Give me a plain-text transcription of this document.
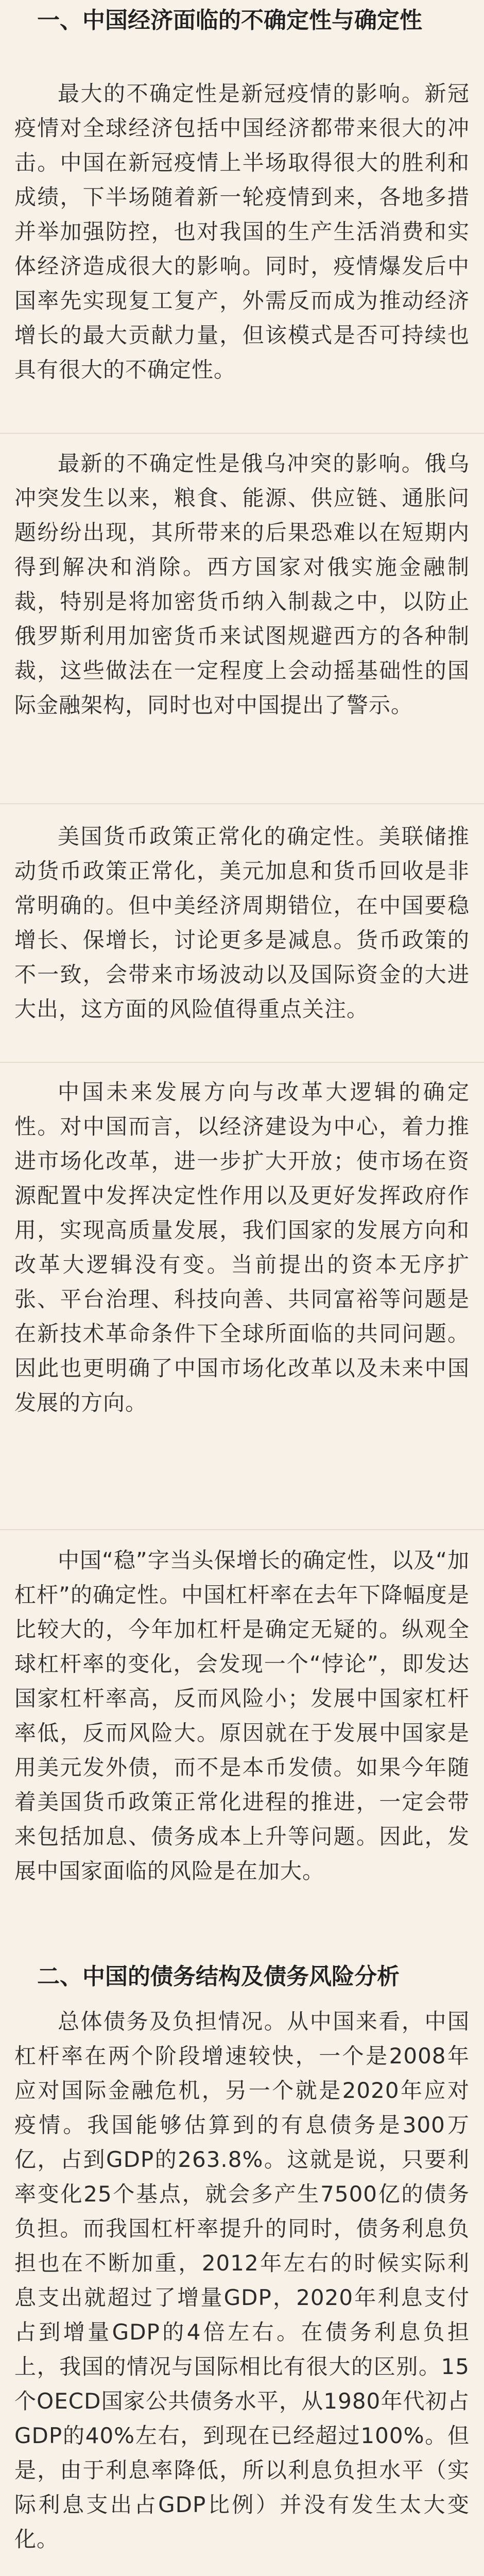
一、中国经济面临的不确定性与确定性

最大的不确定性是新冠疫情的影响。新冠疫情对全球经济包括中国经济都带来很大的冲击。中国在新冠疫情上半场取得很大的胜利和成绩，下半场随着新一轮疫情到来，各地多措并举加强防控，也对我国的生产生活消费和实体经济造成很大的影响。同时，疫情爆发后中国率先实现复工复产，外需反而成为推动经济增长的最大贡献力量，但该模式是否可持续也具有很大的不确定性。

最新的不确定性是俄乌冲突的影响。俄乌冲突发生以来，粮食、能源、供应链、通胀问题纷纷出现，其所带来的后果恐难以在短期内得到解决和消除。西方国家对俄实施金融制裁，特别是将加密货币纳入制裁之中，以防止俄罗斯利用加密货币来试图规避西方的各种制裁，这些做法在一定程度上会动摇基础性的国际金融架构，同时也对中国提出了警示。

美国货币政策正常化的确定性。美联储推动货币政策正常化，美元加息和货币回收是非常明确的。但中美经济周期错位，在中国要稳增长、保增长，讨论更多是减息。货币政策的不一致，会带来市场波动以及国际资金的大进大出，这方面的风险值得重点关注。

中国未来发展方向与改革大逻辑的确定性。对中国而言，以经济建设为中心，着力推进市场化改革，进一步扩大开放；使市场在资源配置中发挥决定性作用以及更好发挥政府作用，实现高质量发展，我们国家的发展方向和改革大逻辑没有变。当前提出的资本无序扩张、平台治理、科技向善、共同富裕等问题是在新技术革命条件下全球所面临的共同问题。因此也更明确了中国市场化改革以及未来中国发展的方向。

中国“稳”字当头保增长的确定性，以及“加杠杆”的确定性。中国杠杆率在去年下降幅度是比较大的，今年加杠杆是确定无疑的。纵观全球杠杆率的变化，会发现一个“悖论”，即发达国家杠杆率高，反而风险小；发展中国家杠杆率低，反而风险大。原因就在于发展中国家是用美元发外债，而不是本币发债。如果今年随着美国货币政策正常化进程的推进，一定会带来包括加息、债务成本上升等问题。因此，发展中国家面临的风险是在加大。

二、中国的债务结构及债务风险分析

总体债务及负担情况。从中国来看，中国杠杆率在两个阶段增速较快，一个是2008年应对国际金融危机，另一个就是2020年应对疫情。我国能够估算到的有息债务是300万亿，占到GDP的263.8%。这就是说，只要利率变化25个基点，就会多产生7500亿的债务负担。而我国杠杆率提升的同时，债务利息负担也在不断加重，2012年左右的时候实际利息支出就超过了增量GDP，2020年利息支付占到增量GDP的4倍左右。在债务利息负担上，我国的情况与国际相比有很大的区别。15个OECD国家公共债务水平，从1980年代初占GDP的40%左右，到现在已经超过100%。但是，由于利息率降低，所以利息负担水平（实际利息支出占GDP比例）并没有发生太大变化。
